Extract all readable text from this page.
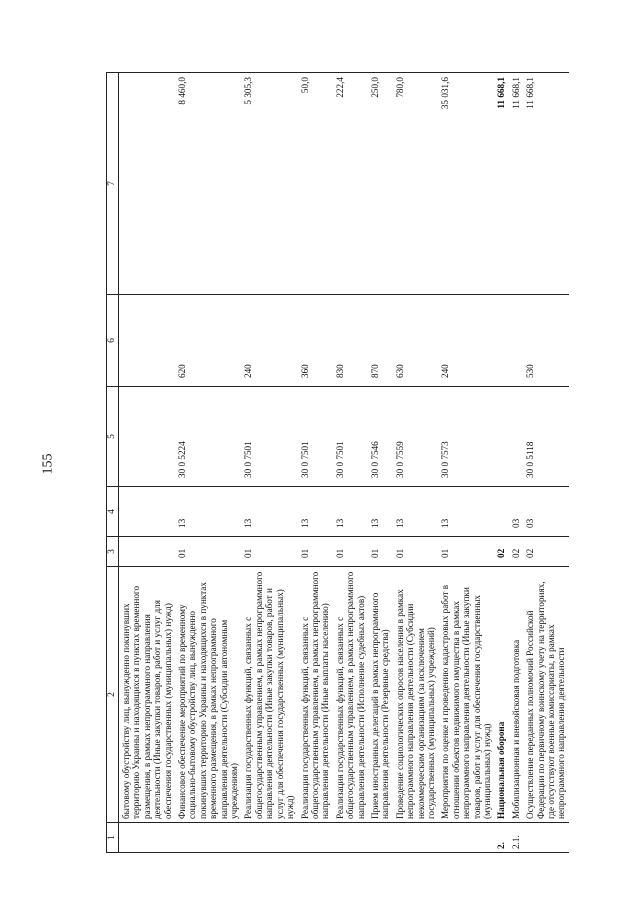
155
1	2	3	4	5	6	7
	бытовому обустройству лиц, вынужденно покинувших территорию Украины и находящихся в пунктах временного размещения, в рамках непрограммного направления деятельности (Иные закупки товаров, работ и услуг для обеспечения государственных (муниципальных) нужд)					
	Финансовое обеспечение мероприятий по временному социально-бытовому обустройству лиц, вынужденно покинувших территорию Украины и находящихся в пунктах временного размещения, в рамках непрограммного направления деятельности (Субсидии автономным учреждениям)	01	13	30 0 5224	620	8 460,0
	Реализация государственных функций, связанных с общегосударственным управлением, в рамках непрограммного направления деятельности (Иные закупки товаров, работ и услуг для обеспечения государственных (муниципальных) нужд)	01	13	30 0 7501	240	5 305,3
	Реализация государственных функций, связанных с общегосударственным управлением, в рамках непрограммного направления деятельности (Иные выплаты населению)	01	13	30 0 7501	360	50,0
	Реализация государственных функций, связанных с общегосударственным управлением, в рамках непрограммного направления деятельности (Исполнение судебных актов)	01	13	30 0 7501	830	222,4
	Прием иностранных делегаций в рамках непрограммного направления деятельности (Резервные средства)	01	13	30 0 7546	870	250,0
	Проведение социологических опросов населения в рамках непрограммного направления деятельности (Субсидии некоммерческим организациям (за исключением государственных (муниципальных) учреждений)	01	13	30 0 7559	630	780,0
	Мероприятия по оценке и проведению кадастровых работ в отношении объектов недвижимого имущества в рамках непрограммного направления деятельности (Иные закупки товаров, работ и услуг для обеспечения государственных (муниципальных) нужд)	01	13	30 0 7573	240	35 031,6
2.	Национальная оборона	02				11 668,1
2.1.	Мобилизационная и вневойсковая подготовка	02	03			11 668,1
	Осуществление переданных полномочий Российской Федерации по первичному воинскому учету на территориях, где отсутствуют военные комиссариаты, в рамках непрограммного направления деятельности	02	03	30 0 5118	530	11 668,1
